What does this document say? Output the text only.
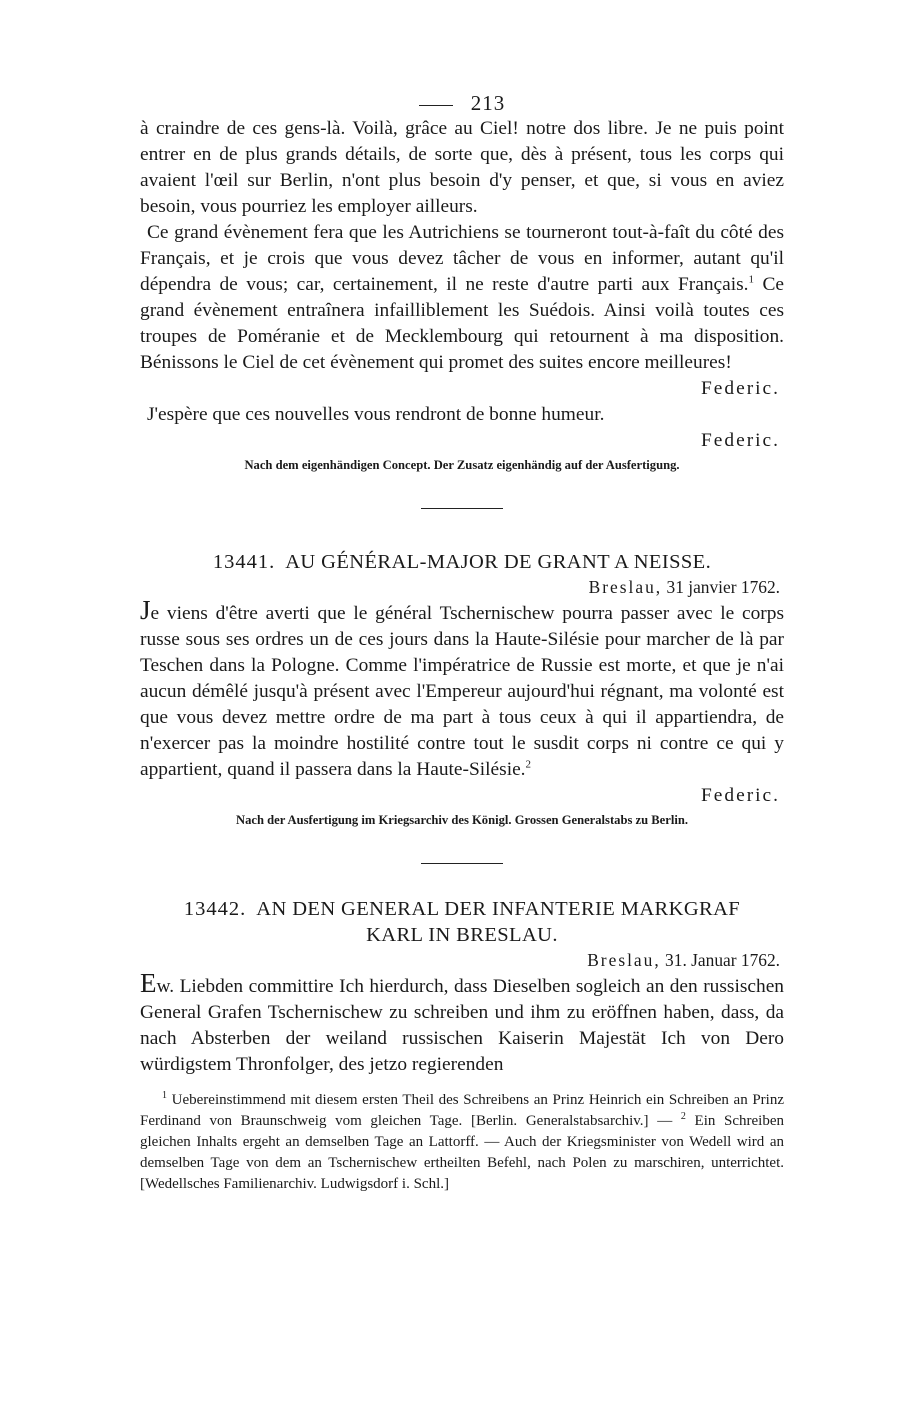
213

à craindre de ces gens-là. Voilà, grâce au Ciel! notre dos libre. Je ne puis point entrer en de plus grands détails, de sorte que, dès à présent, tous les corps qui avaient l'œil sur Berlin, n'ont plus besoin d'y penser, et que, si vous en aviez besoin, vous pourriez les employer ailleurs.

Ce grand évènement fera que les Autrichiens se tourneront tout-à-faît du côté des Français, et je crois que vous devez tâcher de vous en informer, autant qu'il dépendra de vous; car, certainement, il ne reste d'autre parti aux Français.$^1$ Ce grand évènement entraînera infailliblement les Suédois. Ainsi voilà toutes ces troupes de Poméranie et de Mecklembourg qui retournent à ma disposition. Bénissons le Ciel de cet évènement qui promet des suites encore meilleures!

Federic.

J'espère que ces nouvelles vous rendront de bonne humeur.

Federic.
Nach dem eigenhändigen Concept. Der Zusatz eigenhändig auf der Ausfertigung.
13441. AU GÉNÉRAL-MAJOR DE GRANT A NEISSE.
Breslau, 31 janvier 1762.

Je viens d'être averti que le général Tschernischew pourra passer avec le corps russe sous ses ordres un de ces jours dans la Haute-Silésie pour marcher de là par Teschen dans la Pologne. Comme l'impératrice de Russie est morte, et que je n'ai aucun démêlé jusqu'à présent avec l'Empereur aujourd'hui régnant, ma volonté est que vous devez mettre ordre de ma part à tous ceux à qui il appartiendra, de n'exercer pas la moindre hostilité contre tout le susdit corps ni contre ce qui y appartient, quand il passera dans la Haute-Silésie.$^2$

Federic.
Nach der Ausfertigung im Kriegsarchiv des Königl. Grossen Generalstabs zu Berlin.
13442. AN DEN GENERAL DER INFANTERIE MARKGRAF
KARL IN BRESLAU.
Breslau, 31. Januar 1762.

Ew. Liebden committire Ich hierdurch, dass Dieselben sogleich an den russischen General Grafen Tschernischew zu schreiben und ihm zu eröffnen haben, dass, da nach Absterben der weiland russischen Kaiserin Majestät Ich von Dero würdigstem Thronfolger, des jetzo regierenden

$^1$ Uebereinstimmend mit diesem ersten Theil des Schreibens an Prinz Heinrich ein Schreiben an Prinz Ferdinand von Braunschweig vom gleichen Tage. [Berlin. Generalstabsarchiv.] — $^2$ Ein Schreiben gleichen Inhalts ergeht an demselben Tage an Lattorff. — Auch der Kriegsminister von Wedell wird an demselben Tage von dem an Tschernischew ertheilten Befehl, nach Polen zu marschiren, unterrichtet. [Wedellsches Familienarchiv. Ludwigsdorf i. Schl.]
